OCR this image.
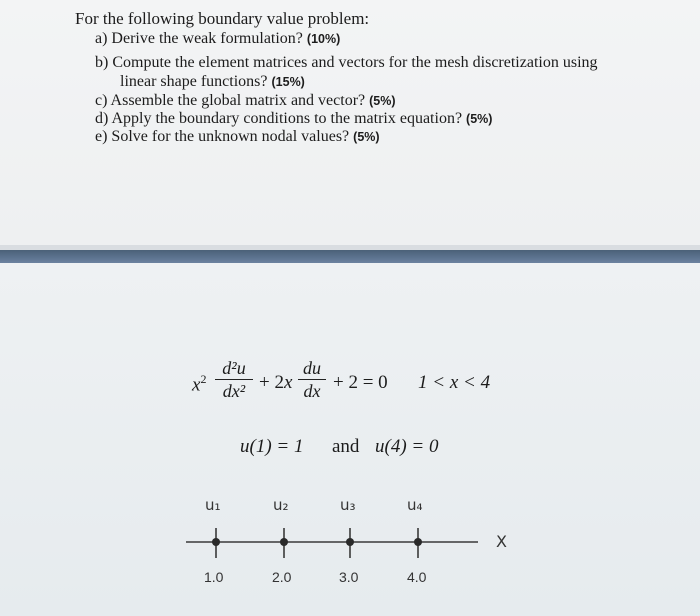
For the following boundary value problem:
a) Derive the weak formulation? (10%)
b) Compute the element matrices and vectors for the mesh discretization using
linear shape functions? (15%)
c) Assemble the global matrix and vector? (5%)
d) Apply the boundary conditions to the matrix equation? (5%)
e) Solve for the unknown nodal values? (5%)
$x^2$
d²u
dx² + 2x
du
dx + 2 = 0 1 < x < 4
u(1) = 1 and u(4) = 0
u₁	u₂	u₃	u₄
X
1.0	2.0	3.0	4.0
